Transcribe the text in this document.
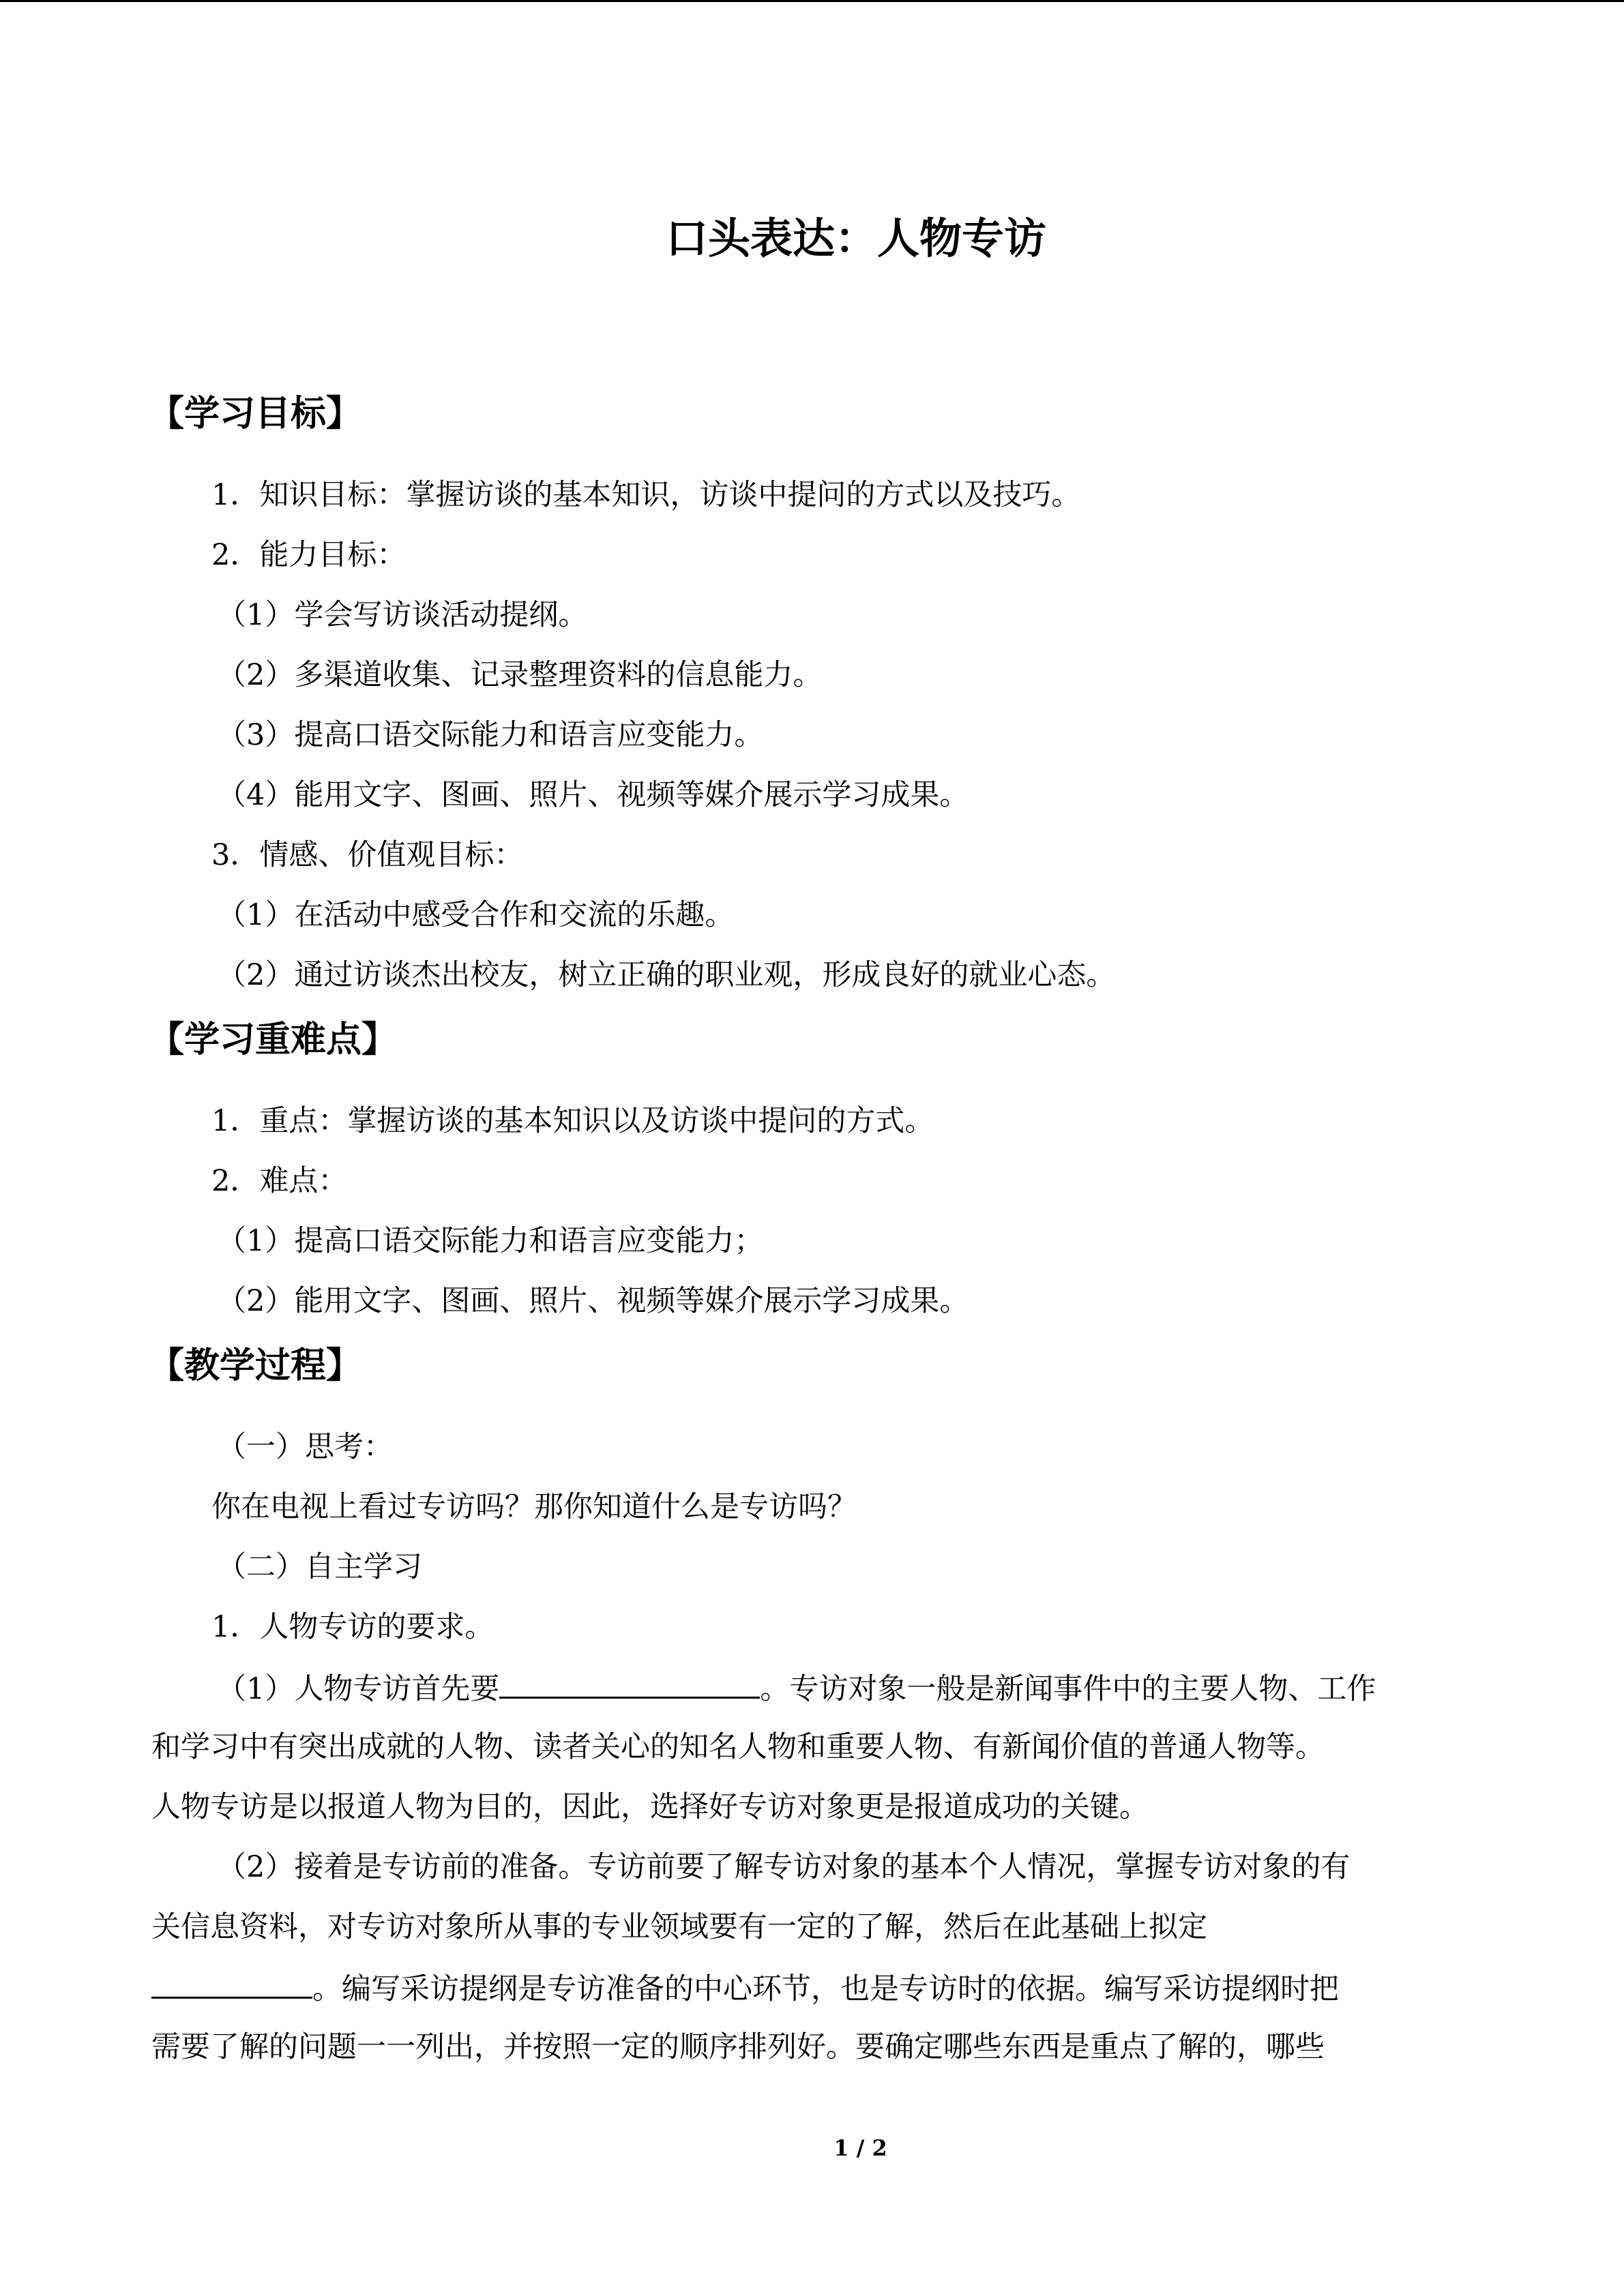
口头表达：人物专访
【学习目标】
1．知识目标：掌握访谈的基本知识，访谈中提问的方式以及技巧。
2．能力目标：
（1）学会写访谈活动提纲。
（2）多渠道收集、记录整理资料的信息能力。
（3）提高口语交际能力和语言应变能力。
（4）能用文字、图画、照片、视频等媒介展示学习成果。
3．情感、价值观目标：
（1）在活动中感受合作和交流的乐趣。
（2）通过访谈杰出校友，树立正确的职业观，形成良好的就业心态。
【学习重难点】
1．重点：掌握访谈的基本知识以及访谈中提问的方式。
2．难点：
（1）提高口语交际能力和语言应变能力；
（2）能用文字、图画、照片、视频等媒介展示学习成果。
【教学过程】
（一）思考：
你在电视上看过专访吗？那你知道什么是专访吗？
（二）自主学习
1．人物专访的要求。
（1）人物专访首先要	。专访对象一般是新闻事件中的主要人物、工作
和学习中有突出成就的人物、读者关心的知名人物和重要人物、有新闻价值的普通人物等。
人物专访是以报道人物为目的，因此，选择好专访对象更是报道成功的关键。
（2）接着是专访前的准备。专访前要了解专访对象的基本个人情况，掌握专访对象的有
关信息资料，对专访对象所从事的专业领域要有一定的了解，然后在此基础上拟定
。编写采访提纲是专访准备的中心环节，也是专访时的依据。编写采访提纲时把
需要了解的问题一一列出，并按照一定的顺序排列好。要确定哪些东西是重点了解的，哪些
1 / 2
